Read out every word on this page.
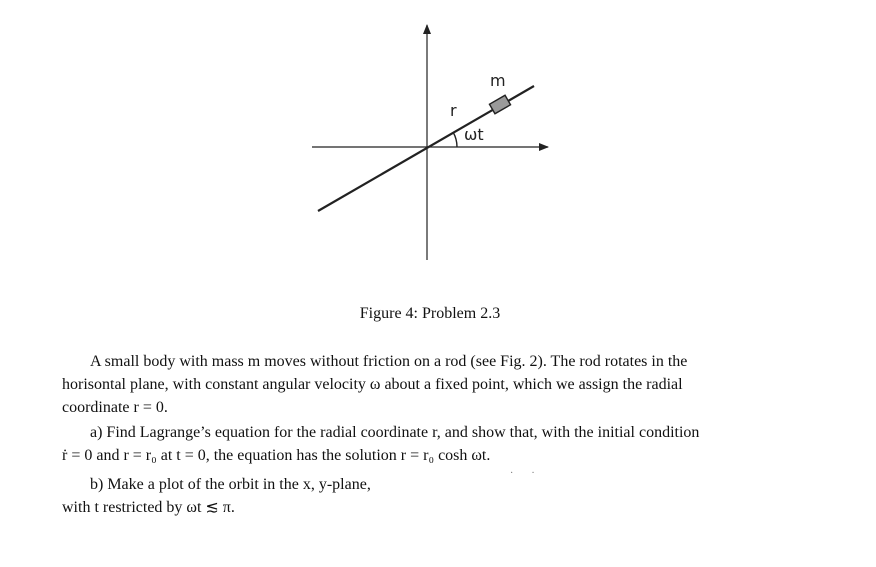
m
r
ωt
Figure 4: Problem 2.3
A small body with mass m moves without friction on a rod (see Fig. 2). The rod rotates in the
horisontal plane, with constant angular velocity ω about a fixed point, which we assign the radial
coordinate r = 0.
a) Find Lagrange’s equation for the radial coordinate r, and show that, with the initial condition
ṙ = 0 and r = r₀ at t = 0, the equation has the solution r = r₀ cosh ωt.
b) Make a plot of the orbit in the x, y-plane,
with t restricted by ωt ≲ π.
··
